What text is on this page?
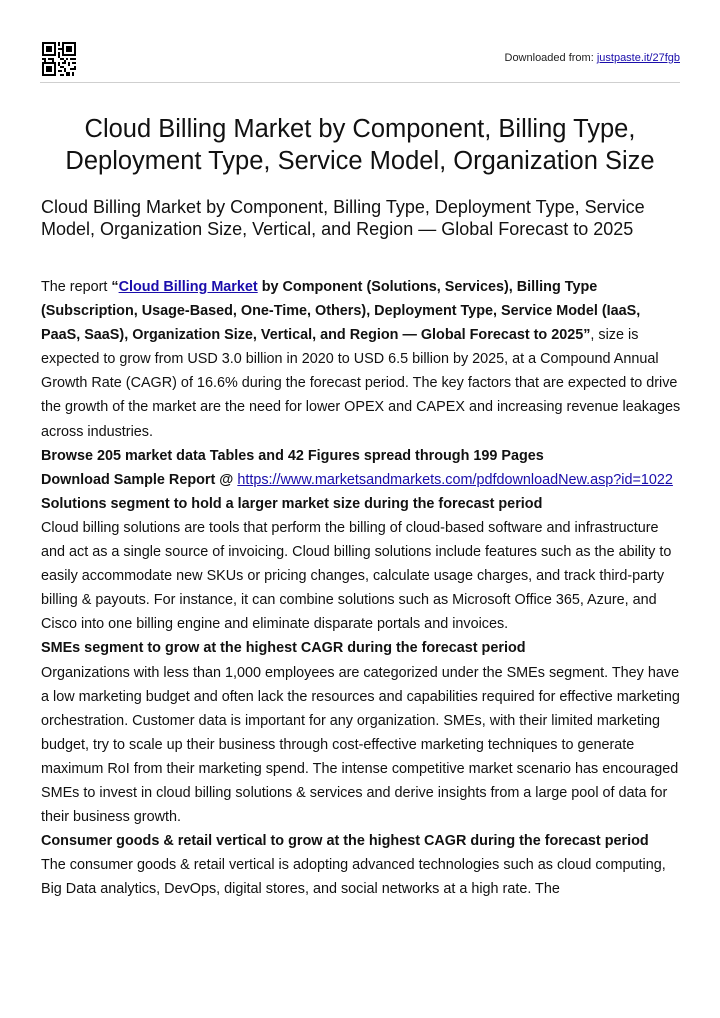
Downloaded from: justpaste.it/27fgb
Cloud Billing Market by Component, Billing Type, Deployment Type, Service Model, Organization Size
Cloud Billing Market by Component, Billing Type, Deployment Type, Service Model, Organization Size, Vertical, and Region — Global Forecast to 2025

The report “Cloud Billing Market by Component (Solutions, Services), Billing Type (Subscription, Usage-Based, One-Time, Others), Deployment Type, Service Model (IaaS, PaaS, SaaS), Organization Size, Vertical, and Region — Global Forecast to 2025”, size is expected to grow from USD 3.0 billion in 2020 to USD 6.5 billion by 2025, at a Compound Annual Growth Rate (CAGR) of 16.6% during the forecast period. The key factors that are expected to drive the growth of the market are the need for lower OPEX and CAPEX and increasing revenue leakages across industries.

Browse 205 market data Tables and 42 Figures spread through 199 Pages

Download Sample Report @ https://www.marketsandmarkets.com/pdfdownloadNew.asp?id=1022

Solutions segment to hold a larger market size during the forecast period

Cloud billing solutions are tools that perform the billing of cloud-based software and infrastructure and act as a single source of invoicing. Cloud billing solutions include features such as the ability to easily accommodate new SKUs or pricing changes, calculate usage charges, and track third-party billing & payouts. For instance, it can combine solutions such as Microsoft Office 365, Azure, and Cisco into one billing engine and eliminate disparate portals and invoices.

SMEs segment to grow at the highest CAGR during the forecast period

Organizations with less than 1,000 employees are categorized under the SMEs segment. They have a low marketing budget and often lack the resources and capabilities required for effective marketing orchestration. Customer data is important for any organization. SMEs, with their limited marketing budget, try to scale up their business through cost-effective marketing techniques to generate maximum RoI from their marketing spend. The intense competitive market scenario has encouraged SMEs to invest in cloud billing solutions & services and derive insights from a large pool of data for their business growth.

Consumer goods & retail vertical to grow at the highest CAGR during the forecast period

The consumer goods & retail vertical is adopting advanced technologies such as cloud computing, Big Data analytics, DevOps, digital stores, and social networks at a high rate. The
